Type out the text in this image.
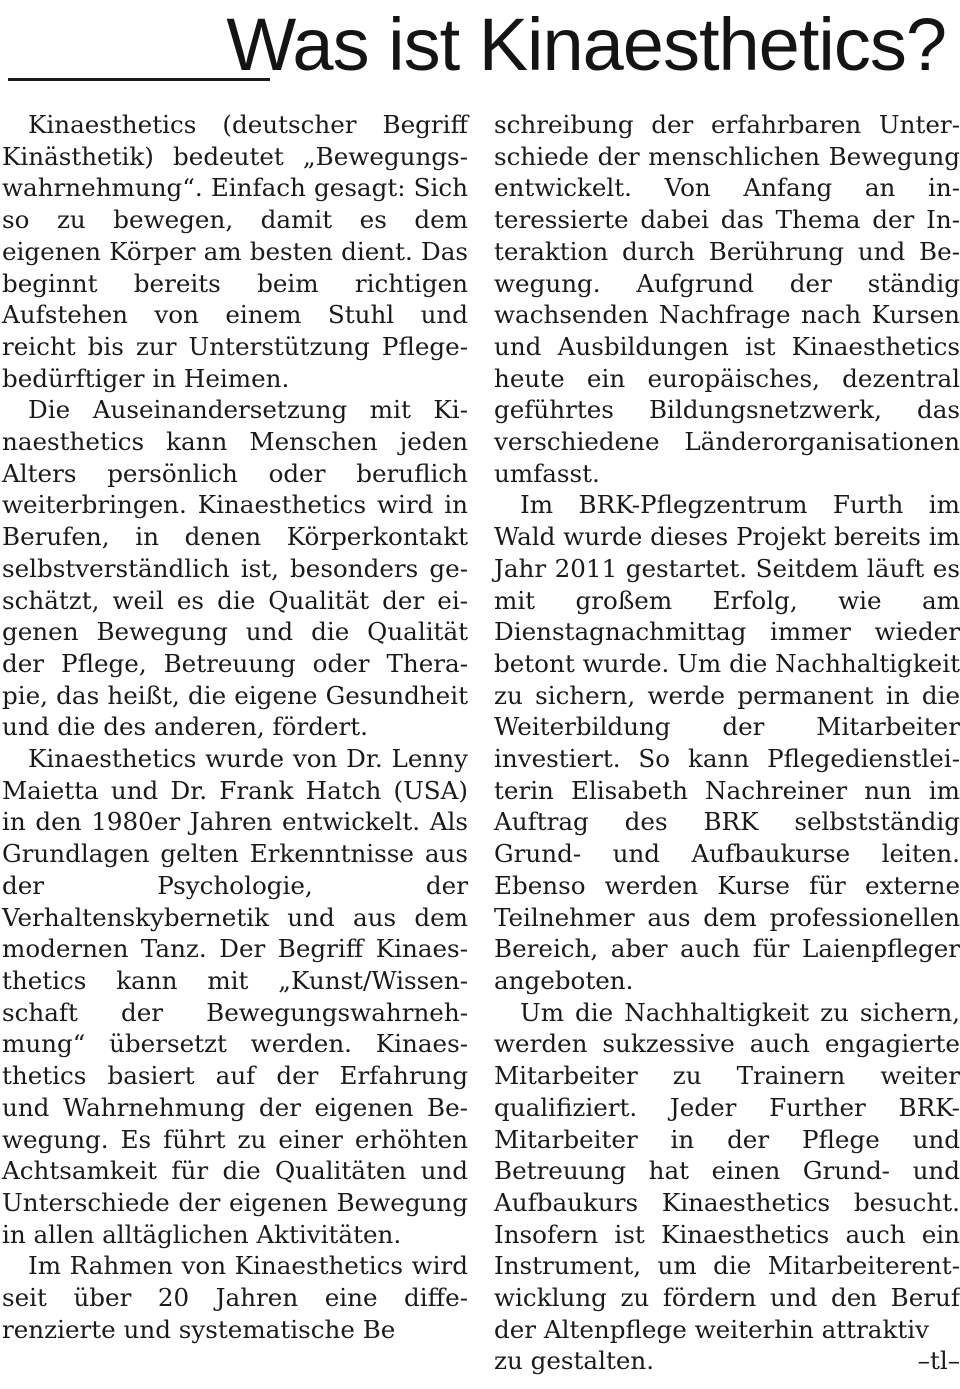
Was ist Kinaesthetics?

Kinaesthetics (deutscher Begriff Kinästhetik) bedeutet „Bewegungswahrnehmung“. Einfach gesagt: Sich so zu bewegen, damit es dem eigenen Körper am besten dient. Das beginnt bereits beim richtigen Aufstehen von einem Stuhl und reicht bis zur Unterstützung Pflegebedürftiger in Heimen.

Die Auseinandersetzung mit Kinaesthetics kann Menschen jeden Alters persönlich oder beruflich weiterbringen. Kinaesthetics wird in Berufen, in denen Körperkontakt selbstverständlich ist, besonders geschätzt, weil es die Qualität der eigenen Bewegung und die Qualität der Pflege, Betreuung oder Therapie, das heißt, die eigene Gesundheit und die des anderen, fördert.

Kinaesthetics wurde von Dr. Lenny Maietta und Dr. Frank Hatch (USA) in den 1980er Jahren entwickelt. Als Grundlagen gelten Erkenntnisse aus der Psychologie, der Verhaltenskybernetik und aus dem modernen Tanz. Der Begriff Kinaesthetics kann mit „Kunst/Wissenschaft der Bewegungswahrnehmung“ übersetzt werden. Kinaesthetics basiert auf der Erfahrung und Wahrnehmung der eigenen Bewegung. Es führt zu einer erhöhten Achtsamkeit für die Qualitäten und Unterschiede der eigenen Bewegung in allen alltäglichen Aktivitäten.

Im Rahmen von Kinaesthetics wird seit über 20 Jahren eine differenzierte und systematische Be

schreibung der erfahrbaren Unterschiede der menschlichen Bewegung entwickelt. Von Anfang an interessierte dabei das Thema der Interaktion durch Berührung und Bewegung. Aufgrund der ständig wachsenden Nachfrage nach Kursen und Ausbildungen ist Kinaesthetics heute ein europäisches, dezentral geführtes Bildungsnetzwerk, das verschiedene Länderorganisationen umfasst.

Im BRK-Pflegzentrum Furth im Wald wurde dieses Projekt bereits im Jahr 2011 gestartet. Seitdem läuft es mit großem Erfolg, wie am Dienstagnachmittag immer wieder betont wurde. Um die Nachhaltigkeit zu sichern, werde permanent in die Weiterbildung der Mitarbeiter investiert. So kann Pflegedienstleiterin Elisabeth Nachreiner nun im Auftrag des BRK selbstständig Grund- und Aufbaukurse leiten. Ebenso werden Kurse für externe Teilnehmer aus dem professionellen Bereich, aber auch für Laienpfleger angeboten.

Um die Nachhaltigkeit zu sichern, werden sukzessive auch engagierte Mitarbeiter zu Trainern weiter qualifiziert. Jeder Further BRK-Mitarbeiter in der Pflege und Betreuung hat einen Grund- und Aufbaukurs Kinaesthetics besucht. Insofern ist Kinaesthetics auch ein Instrument, um die Mitarbeiterentwicklung zu fördern und den Beruf der Altenpflege weiterhin attraktiv

zu gestalten.	–tl–
